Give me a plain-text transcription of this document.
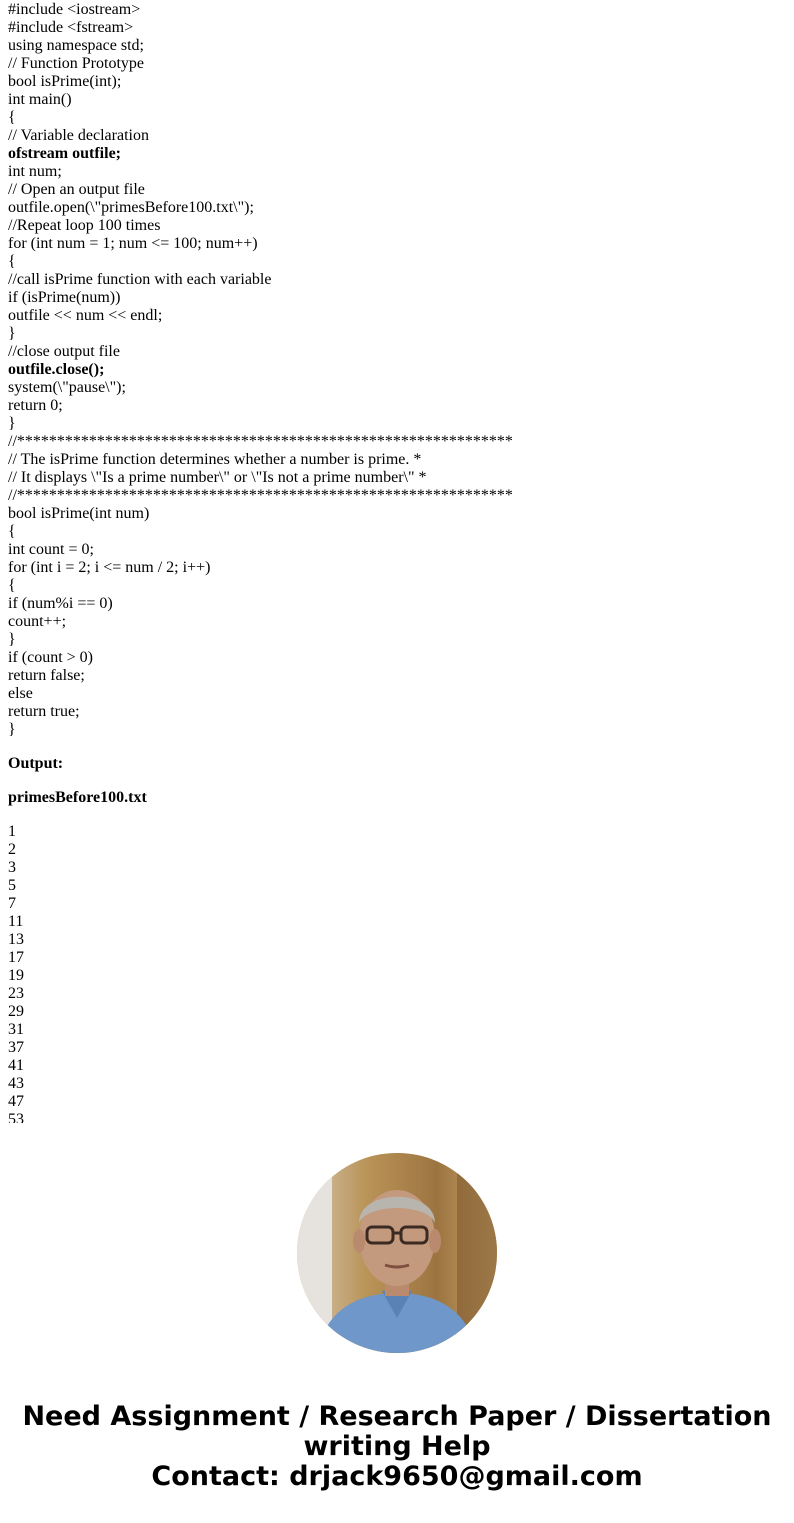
#include <iostream>
#include <fstream>
using namespace std;
// Function Prototype
bool isPrime(int);
int main()
{
// Variable declaration
ofstream outfile;
int num;
// Open an output file
outfile.open(\"primesBefore100.txt\");
//Repeat loop 100 times
for (int num = 1; num <= 100; num++)
{
//call isPrime function with each variable
if (isPrime(num))
outfile << num << endl;
}
//close output file
outfile.close();
system(\"pause\");
return 0;
}
//**************************************************************
// The isPrime function determines whether a number is prime. *
// It displays \"Is a prime number\" or \"Is not a prime number\" *
//**************************************************************
bool isPrime(int num)
{
int count = 0;
for (int i = 2; i <= num / 2; i++)
{
if (num%i == 0)
count++;
}
if (count > 0)
return false;
else
return true;
}
Output:
primesBefore100.txt
1
2
3
5
7
11
13
17
19
23
29
31
37
41
43
47
53
Need Assignment / Research Paper / Dissertation writing Help
Contact: drjack9650@gmail.com
